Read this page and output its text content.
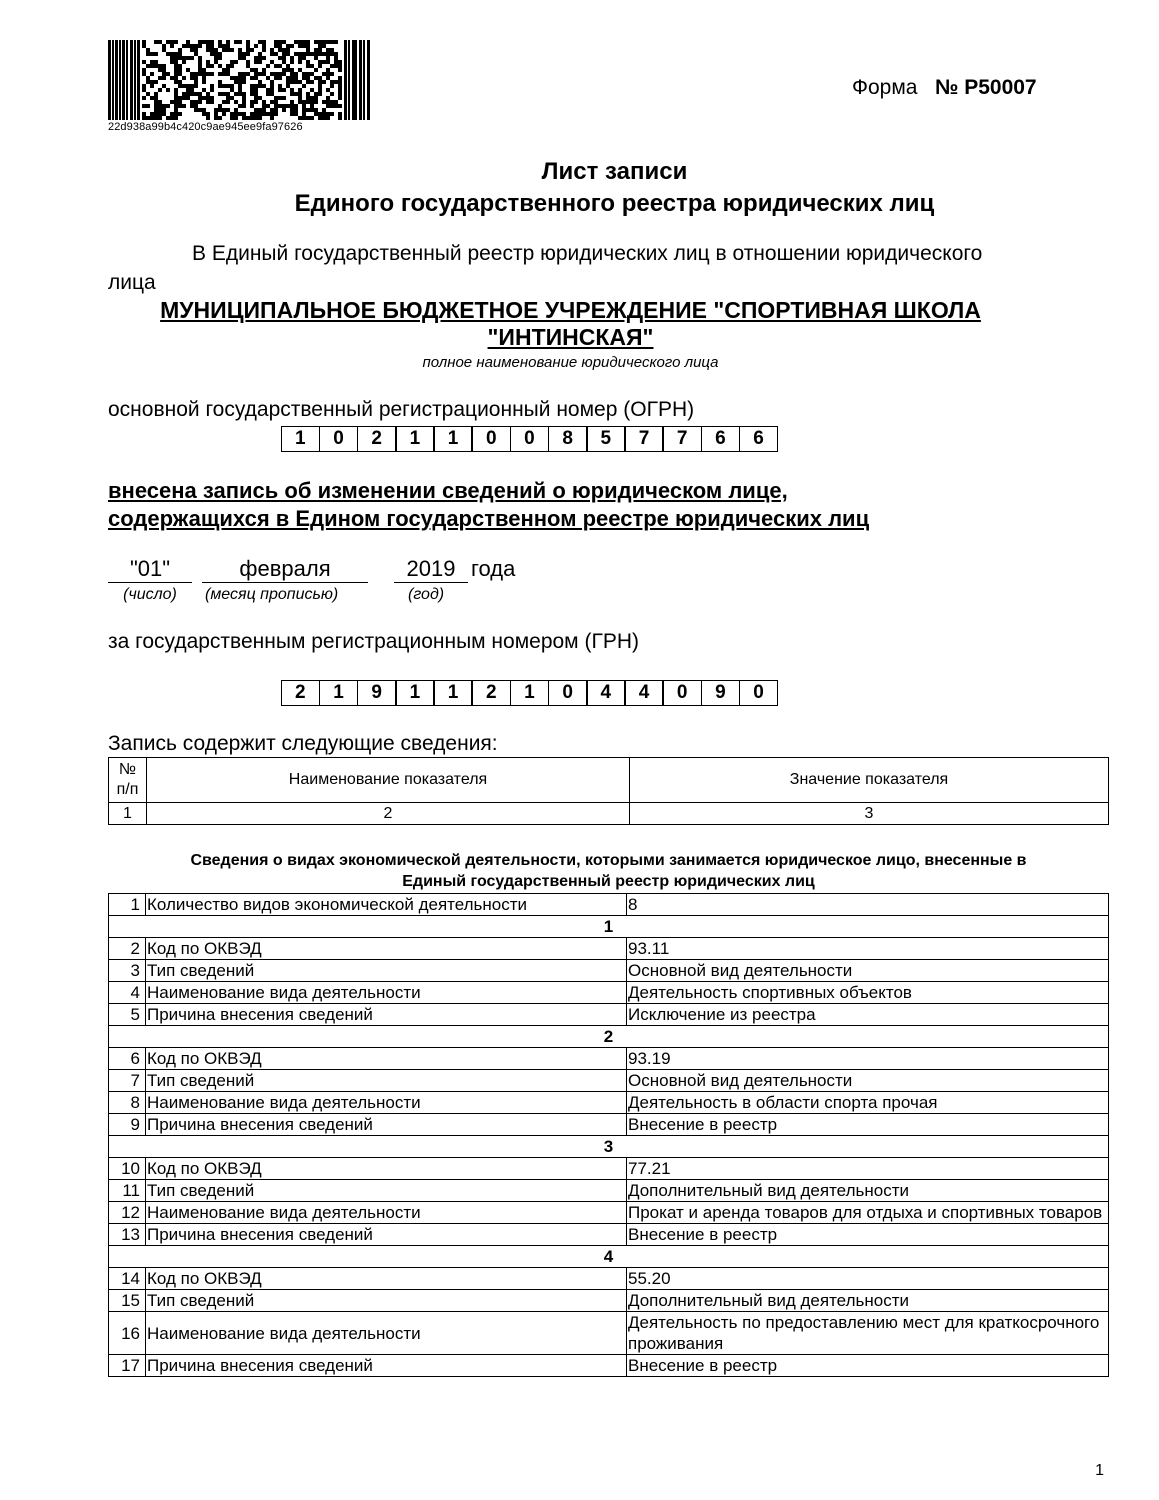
22d938a99b4c420c9ae945ee9fa97626
Форма № Р50007
Лист записи
Единого государственного реестра юридических лиц
В Единый государственный реестр юридических лиц в отношении юридического
лица
МУНИЦИПАЛЬНОЕ БЮДЖЕТНОЕ УЧРЕЖДЕНИЕ "СПОРТИВНАЯ ШКОЛА
"ИНТИНСКАЯ"
полное наименование юридического лица
основной государственный регистрационный номер (ОГРН)
1	0	2	1	1	0	0	8	5	7	7	6	6
внесена запись об изменении сведений о юридическом лице,
содержащихся в Едином государственном реестре юридических лиц
"01"	февраля	2019 года
(число)	(месяц прописью)	(год)
за государственным регистрационным номером (ГРН)
2	1	9	1	1	2	1	0	4	4	0	9	0
Запись содержит следующие сведения:
№
п/п	Наименование показателя	Значение показателя
1	2	3
Сведения о видах экономической деятельности, которыми занимается юридическое лицо, внесенные в
Единый государственный реестр юридических лиц
1	Количество видов экономической деятельности	8
1		
2	Код по ОКВЭД	93.11
3	Тип сведений	Основной вид деятельности
4	Наименование вида деятельности	Деятельность спортивных объектов
5	Причина внесения сведений	Исключение из реестра
2		
6	Код по ОКВЭД	93.19
7	Тип сведений	Основной вид деятельности
8	Наименование вида деятельности	Деятельность в области спорта прочая
9	Причина внесения сведений	Внесение в реестр
3		
10	Код по ОКВЭД	77.21
11	Тип сведений	Дополнительный вид деятельности
12	Наименование вида деятельности	Прокат и аренда товаров для отдыха и спортивных товаров
13	Причина внесения сведений	Внесение в реестр
4		
14	Код по ОКВЭД	55.20
15	Тип сведений	Дополнительный вид деятельности
16	Наименование вида деятельности	Деятельность по предоставлению мест для краткосрочного проживания
17	Причина внесения сведений	Внесение в реестр
1
